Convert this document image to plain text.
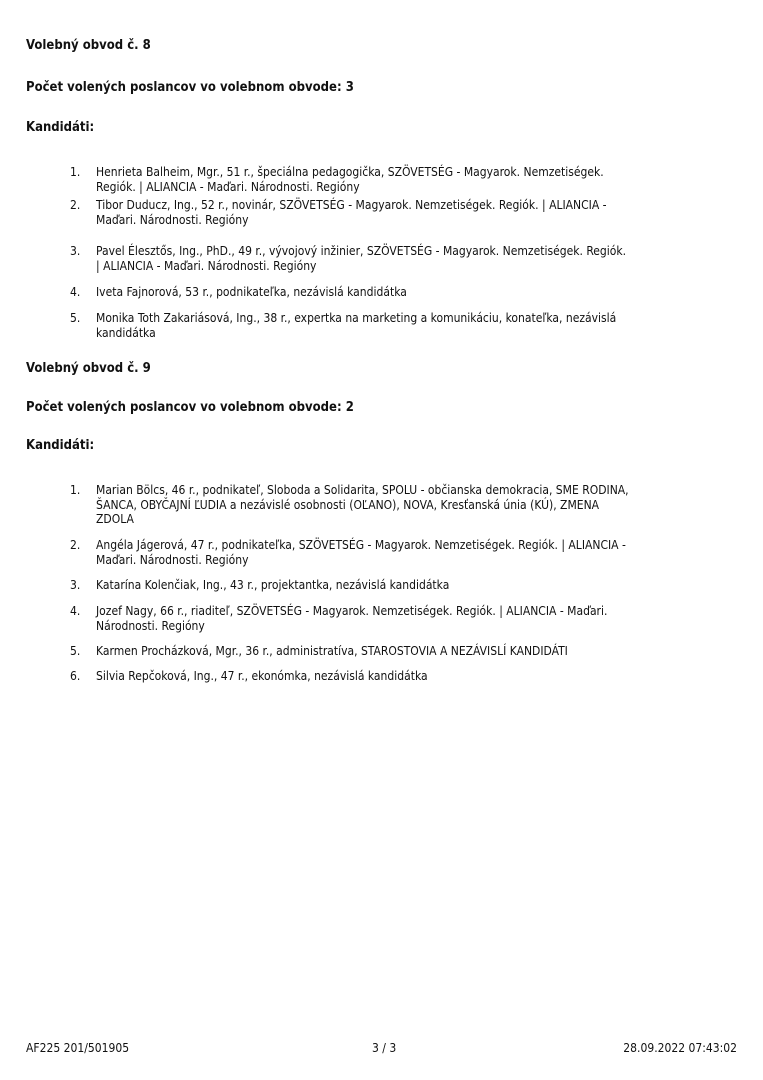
Volebný obvod č. 8
Počet volených poslancov vo volebnom obvode: 3
Kandidáti:
1. Henrieta Balheim, Mgr., 51 r., špeciálna pedagogička, SZÖVETSÉG - Magyarok. Nemzetiségek.
Regiók. | ALIANCIA - Maďari. Národnosti. Regióny
2. Tibor Duducz, Ing., 52 r., novinár, SZÖVETSÉG - Magyarok. Nemzetiségek. Regiók. | ALIANCIA -
Maďari. Národnosti. Regióny
3. Pavel Élesztős, Ing., PhD., 49 r., vývojový inžinier, SZÖVETSÉG - Magyarok. Nemzetiségek. Regiók.
| ALIANCIA - Maďari. Národnosti. Regióny
4. Iveta Fajnorová, 53 r., podnikateľka, nezávislá kandidátka
5. Monika Toth Zakariásová, Ing., 38 r., expertka na marketing a komunikáciu, konateľka, nezávislá
kandidátka
Volebný obvod č. 9
Počet volených poslancov vo volebnom obvode: 2
Kandidáti:
1. Marian Bölcs, 46 r., podnikateľ, Sloboda a Solidarita, SPOLU - občianska demokracia, SME RODINA,
ŠANCA, OBYČAJNÍ ĽUDIA a nezávislé osobnosti (OĽANO), NOVA, Kresťanská únia (KÚ), ZMENA
ZDOLA
2. Angéla Jágerová, 47 r., podnikateľka, SZÖVETSÉG - Magyarok. Nemzetiségek. Regiók. | ALIANCIA -
Maďari. Národnosti. Regióny
3. Katarína Kolenčiak, Ing., 43 r., projektantka, nezávislá kandidátka
4. Jozef Nagy, 66 r., riaditeľ, SZÖVETSÉG - Magyarok. Nemzetiségek. Regiók. | ALIANCIA - Maďari.
Národnosti. Regióny
5. Karmen Procházková, Mgr., 36 r., administratíva, STAROSTOVIA A NEZÁVISLÍ KANDIDÁTI
6. Silvia Repčoková, Ing., 47 r., ekonómka, nezávislá kandidátka
AF225 201/501905	3 / 3	28.09.2022 07:43:02
